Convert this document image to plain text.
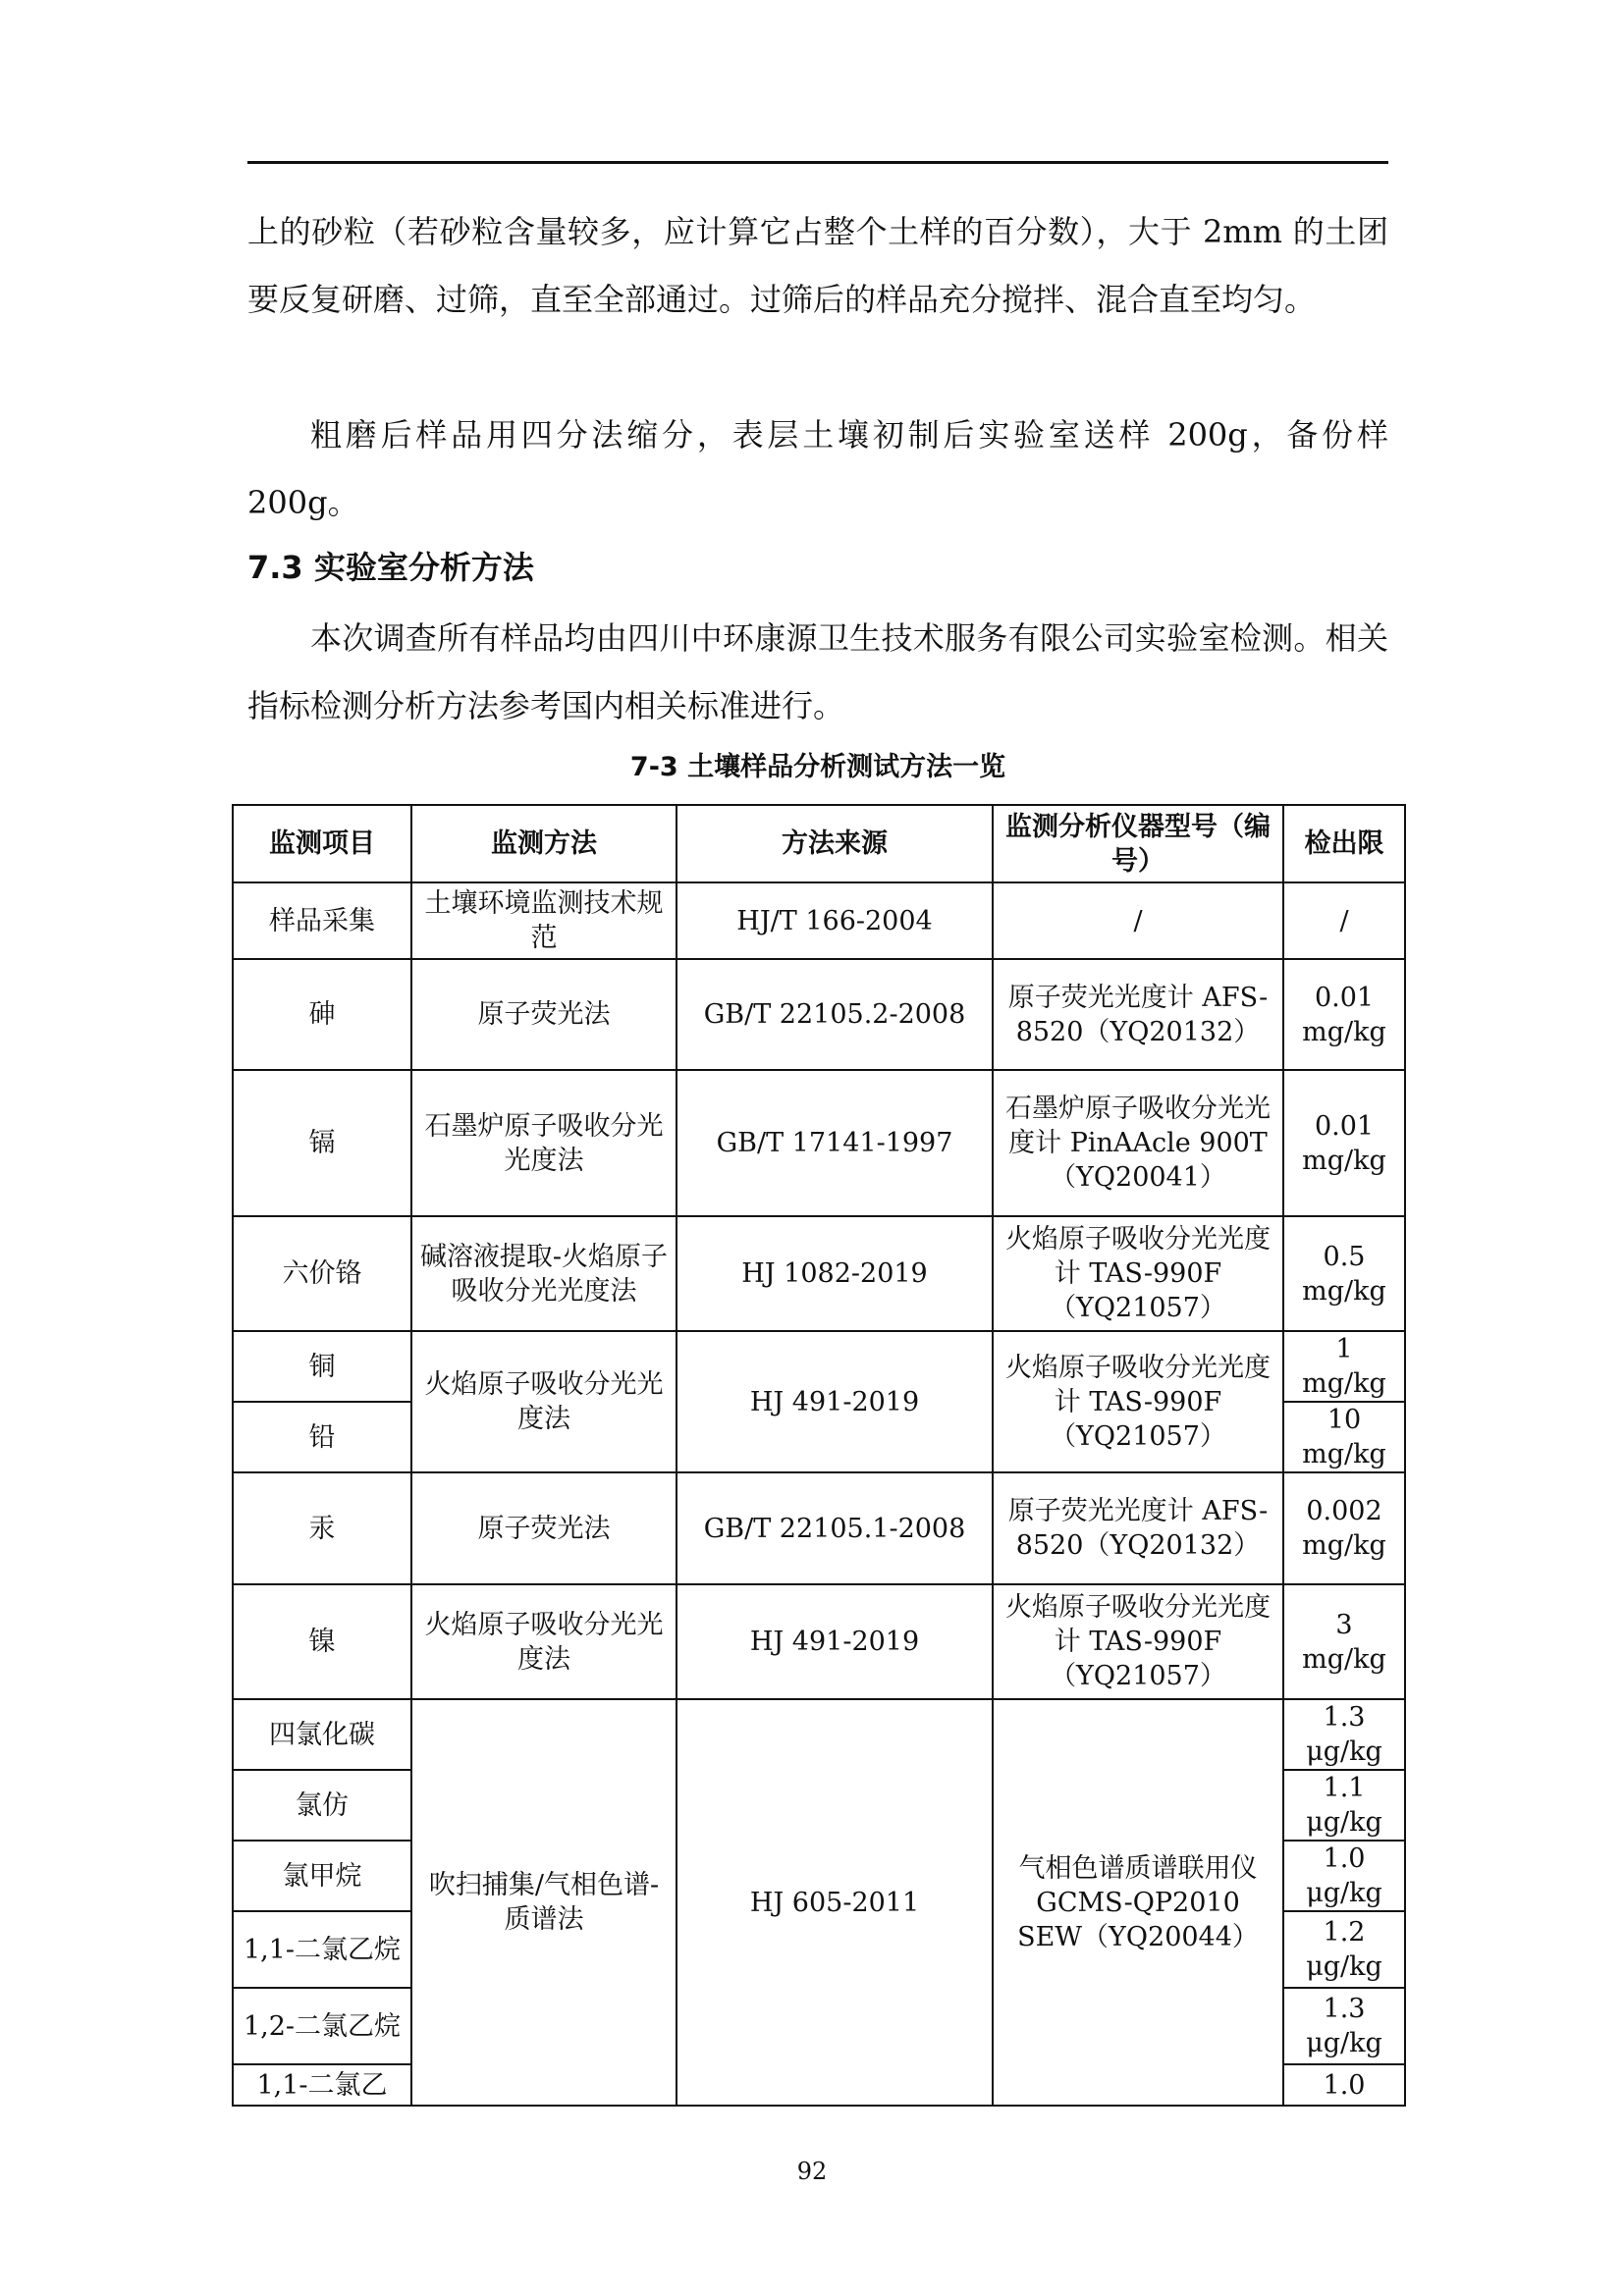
上的砂粒（若砂粒含量较多，应计算它占整个土样的百分数），大于 2mm 的土团要反复研磨、过筛，直至全部通过。过筛后的样品充分搅拌、混合直至均匀。

粗磨后样品用四分法缩分，表层土壤初制后实验室送样 200g，备份样 200g。

7.3 实验室分析方法

本次调查所有样品均由四川中环康源卫生技术服务有限公司实验室检测。相关指标检测分析方法参考国内相关标准进行。

7-3 土壤样品分析测试方法一览
监测项目	监测方法	方法来源	监测分析仪器型号（编号）	检出限
样品采集	土壤环境监测技术规范	HJ/T 166-2004	/	/
砷	原子荧光法	GB/T 22105.2-2008	原子荧光光度计 AFS-8520（YQ20132）	0.01 mg/kg
镉	石墨炉原子吸收分光光度法	GB/T 17141-1997	石墨炉原子吸收分光光度计 PinAAcle 900T（YQ20041）	0.01 mg/kg
六价铬	碱溶液提取-火焰原子吸收分光光度法	HJ 1082-2019	火焰原子吸收分光光度计 TAS-990F（YQ21057）	0.5 mg/kg
铜	火焰原子吸收分光光度法	HJ 491-2019	火焰原子吸收分光光度计 TAS-990F（YQ21057）	1 mg/kg
铅				10 mg/kg
汞	原子荧光法	GB/T 22105.1-2008	原子荧光光度计 AFS-8520（YQ20132）	0.002 mg/kg
镍	火焰原子吸收分光光度法	HJ 491-2019	火焰原子吸收分光光度计 TAS-990F（YQ21057）	3 mg/kg
四氯化碳	吹扫捕集/气相色谱-质谱法	HJ 605-2011	气相色谱质谱联用仪 GCMS-QP2010 SEW（YQ20044）	1.3 μg/kg
氯仿				1.1 μg/kg
氯甲烷				1.0 μg/kg
1,1-二氯乙烷				1.2 μg/kg
1,2-二氯乙烷				1.3 μg/kg
1,1-二氯乙				1.0
92
